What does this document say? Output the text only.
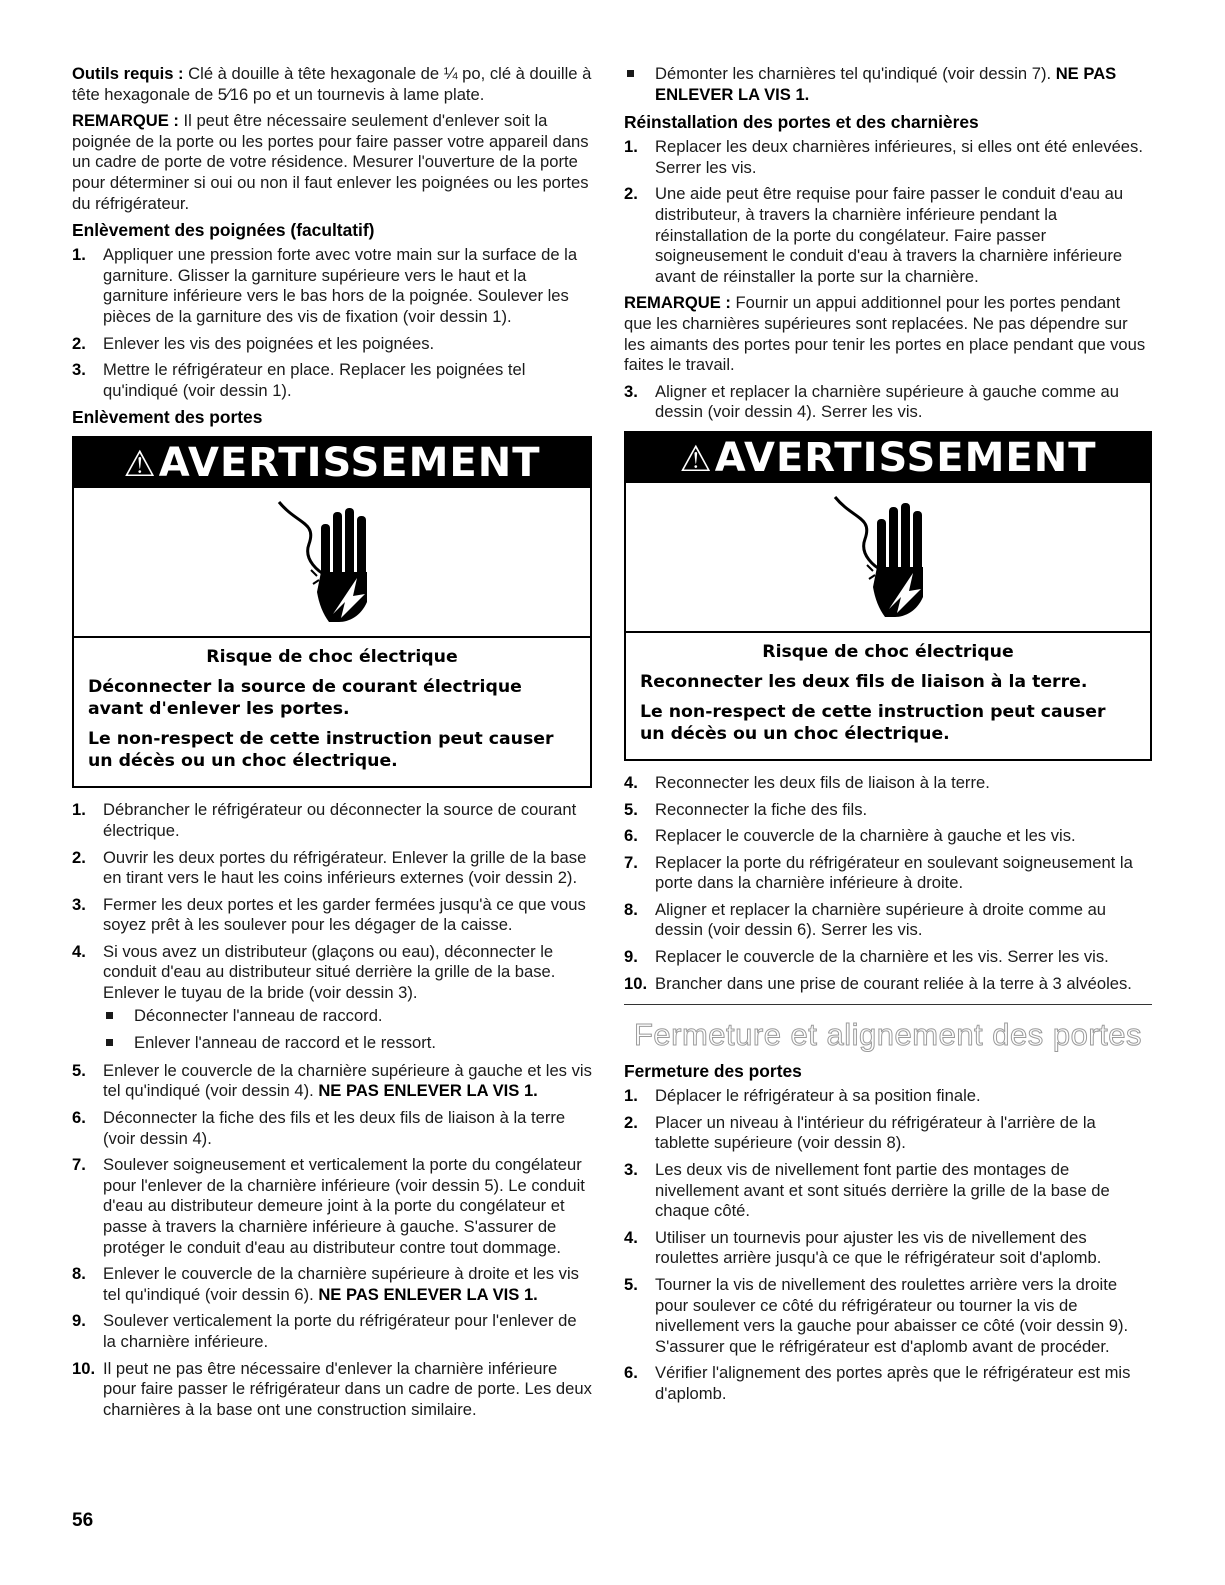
Outils requis : Clé à douille à tête hexagonale de ¼ po, clé à douille à tête hexagonale de 5⁄16 po et un tournevis à lame plate.

REMARQUE : Il peut être nécessaire seulement d'enlever soit la poignée de la porte ou les portes pour faire passer votre appareil dans un cadre de porte de votre résidence. Mesurer l'ouverture de la porte pour déterminer si oui ou non il faut enlever les poignées ou les portes du réfrigérateur.

Enlèvement des poignées (facultatif)
1. Appliquer une pression forte avec votre main sur la surface de la garniture. Glisser la garniture supérieure vers le haut et la garniture inférieure vers le bas hors de la poignée. Soulever les pièces de la garniture des vis de fixation (voir dessin 1).
2. Enlever les vis des poignées et les poignées.
3. Mettre le réfrigérateur en place. Replacer les poignées tel qu'indiqué (voir dessin 1).
Enlèvement des portes
⚠AVERTISSEMENT
Risque de choc électrique
Déconnecter la source de courant électrique avant d'enlever les portes.
Le non-respect de cette instruction peut causer un décès ou un choc électrique.
1. Débrancher le réfrigérateur ou déconnecter la source de courant électrique.
2. Ouvrir les deux portes du réfrigérateur. Enlever la grille de la base en tirant vers le haut les coins inférieurs externes (voir dessin 2).
3. Fermer les deux portes et les garder fermées jusqu'à ce que vous soyez prêt à les soulever pour les dégager de la caisse.
4. Si vous avez un distributeur (glaçons ou eau), déconnecter le conduit d'eau au distributeur situé derrière la grille de la base. Enlever le tuyau de la bride (voir dessin 3).
Déconnecter l'anneau de raccord.
Enlever l'anneau de raccord et le ressort.
5. Enlever le couvercle de la charnière supérieure à gauche et les vis tel qu'indiqué (voir dessin 4). NE PAS ENLEVER LA VIS 1.
6. Déconnecter la fiche des fils et les deux fils de liaison à la terre (voir dessin 4).
7. Soulever soigneusement et verticalement la porte du congélateur pour l'enlever de la charnière inférieure (voir dessin 5). Le conduit d'eau au distributeur demeure joint à la porte du congélateur et passe à travers la charnière inférieure à gauche. S'assurer de protéger le conduit d'eau au distributeur contre tout dommage.
8. Enlever le couvercle de la charnière supérieure à droite et les vis tel qu'indiqué (voir dessin 6). NE PAS ENLEVER LA VIS 1.
9. Soulever verticalement la porte du réfrigérateur pour l'enlever de la charnière inférieure.
10. Il peut ne pas être nécessaire d'enlever la charnière inférieure pour faire passer le réfrigérateur dans un cadre de porte. Les deux charnières à la base ont une construction similaire.
Démonter les charnières tel qu'indiqué (voir dessin 7). NE PAS ENLEVER LA VIS 1.
Réinstallation des portes et des charnières
1. Replacer les deux charnières inférieures, si elles ont été enlevées. Serrer les vis.
2. Une aide peut être requise pour faire passer le conduit d'eau au distributeur, à travers la charnière inférieure pendant la réinstallation de la porte du congélateur. Faire passer soigneusement le conduit d'eau à travers la charnière inférieure avant de réinstaller la porte sur la charnière.

REMARQUE : Fournir un appui additionnel pour les portes pendant que les charnières supérieures sont replacées. Ne pas dépendre sur les aimants des portes pour tenir les portes en place pendant que vous faites le travail.

3. Aligner et replacer la charnière supérieure à gauche comme au dessin (voir dessin 4). Serrer les vis.
⚠AVERTISSEMENT
Risque de choc électrique
Reconnecter les deux fils de liaison à la terre.
Le non-respect de cette instruction peut causer un décès ou un choc électrique.
4. Reconnecter les deux fils de liaison à la terre.
5. Reconnecter la fiche des fils.
6. Replacer le couvercle de la charnière à gauche et les vis.
7. Replacer la porte du réfrigérateur en soulevant soigneusement la porte dans la charnière inférieure à droite.
8. Aligner et replacer la charnière supérieure à droite comme au dessin (voir dessin 6). Serrer les vis.
9. Replacer le couvercle de la charnière et les vis. Serrer les vis.
10. Brancher dans une prise de courant reliée à la terre à 3 alvéoles.
Fermeture et alignement des portes
Fermeture des portes
1. Déplacer le réfrigérateur à sa position finale.
2. Placer un niveau à l'intérieur du réfrigérateur à l'arrière de la tablette supérieure (voir dessin 8).
3. Les deux vis de nivellement font partie des montages de nivellement avant et sont situés derrière la grille de la base de chaque côté.
4. Utiliser un tournevis pour ajuster les vis de nivellement des roulettes arrière jusqu'à ce que le réfrigérateur soit d'aplomb.
5. Tourner la vis de nivellement des roulettes arrière vers la droite pour soulever ce côté du réfrigérateur ou tourner la vis de nivellement vers la gauche pour abaisser ce côté (voir dessin 9). S'assurer que le réfrigérateur est d'aplomb avant de procéder.
6. Vérifier l'alignement des portes après que le réfrigérateur est mis d'aplomb.
56
